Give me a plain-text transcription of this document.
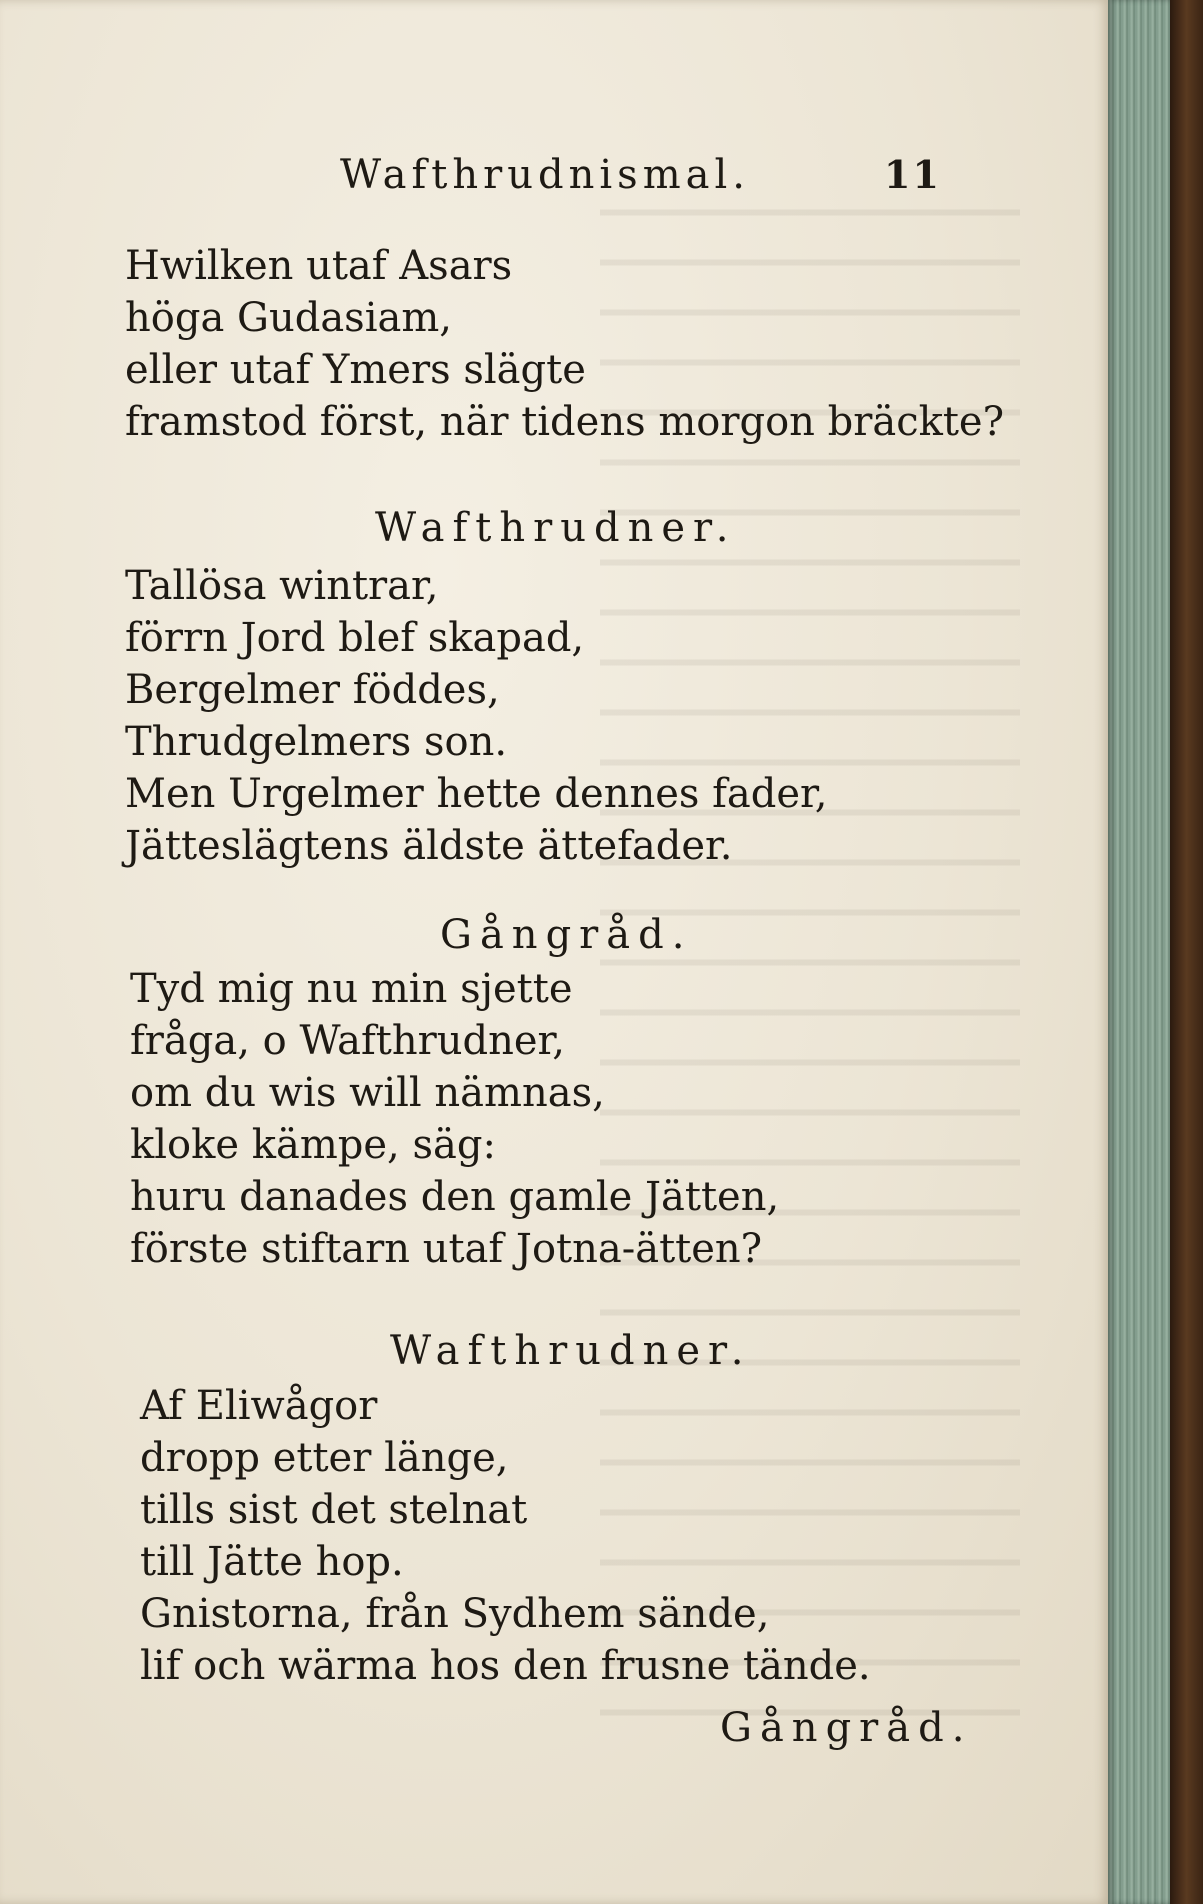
Wafthrudnismal.	11
Hwilken utaf Asars
höga Gudasiam,
eller utaf Ymers slägte
framstod först, när tidens morgon bräckte?
Wafthrudner.
Tallösa wintrar,
förrn Jord blef skapad,
Bergelmer föddes,
Thrudgelmers son.
Men Urgelmer hette dennes fader,
Jätteslägtens äldste ättefader.
Gångråd.
Tyd mig nu min sjette
fråga, o Wafthrudner,
om du wis will nämnas,
kloke kämpe, säg:
huru danades den gamle Jätten,
förste stiftarn utaf Jotna-ätten?
Wafthrudner.
Af Eliwågor
dropp etter länge,
tills sist det stelnat
till Jätte hop.
Gnistorna, från Sydhem sände,
lif och wärma hos den frusne tände.
Gångråd.
